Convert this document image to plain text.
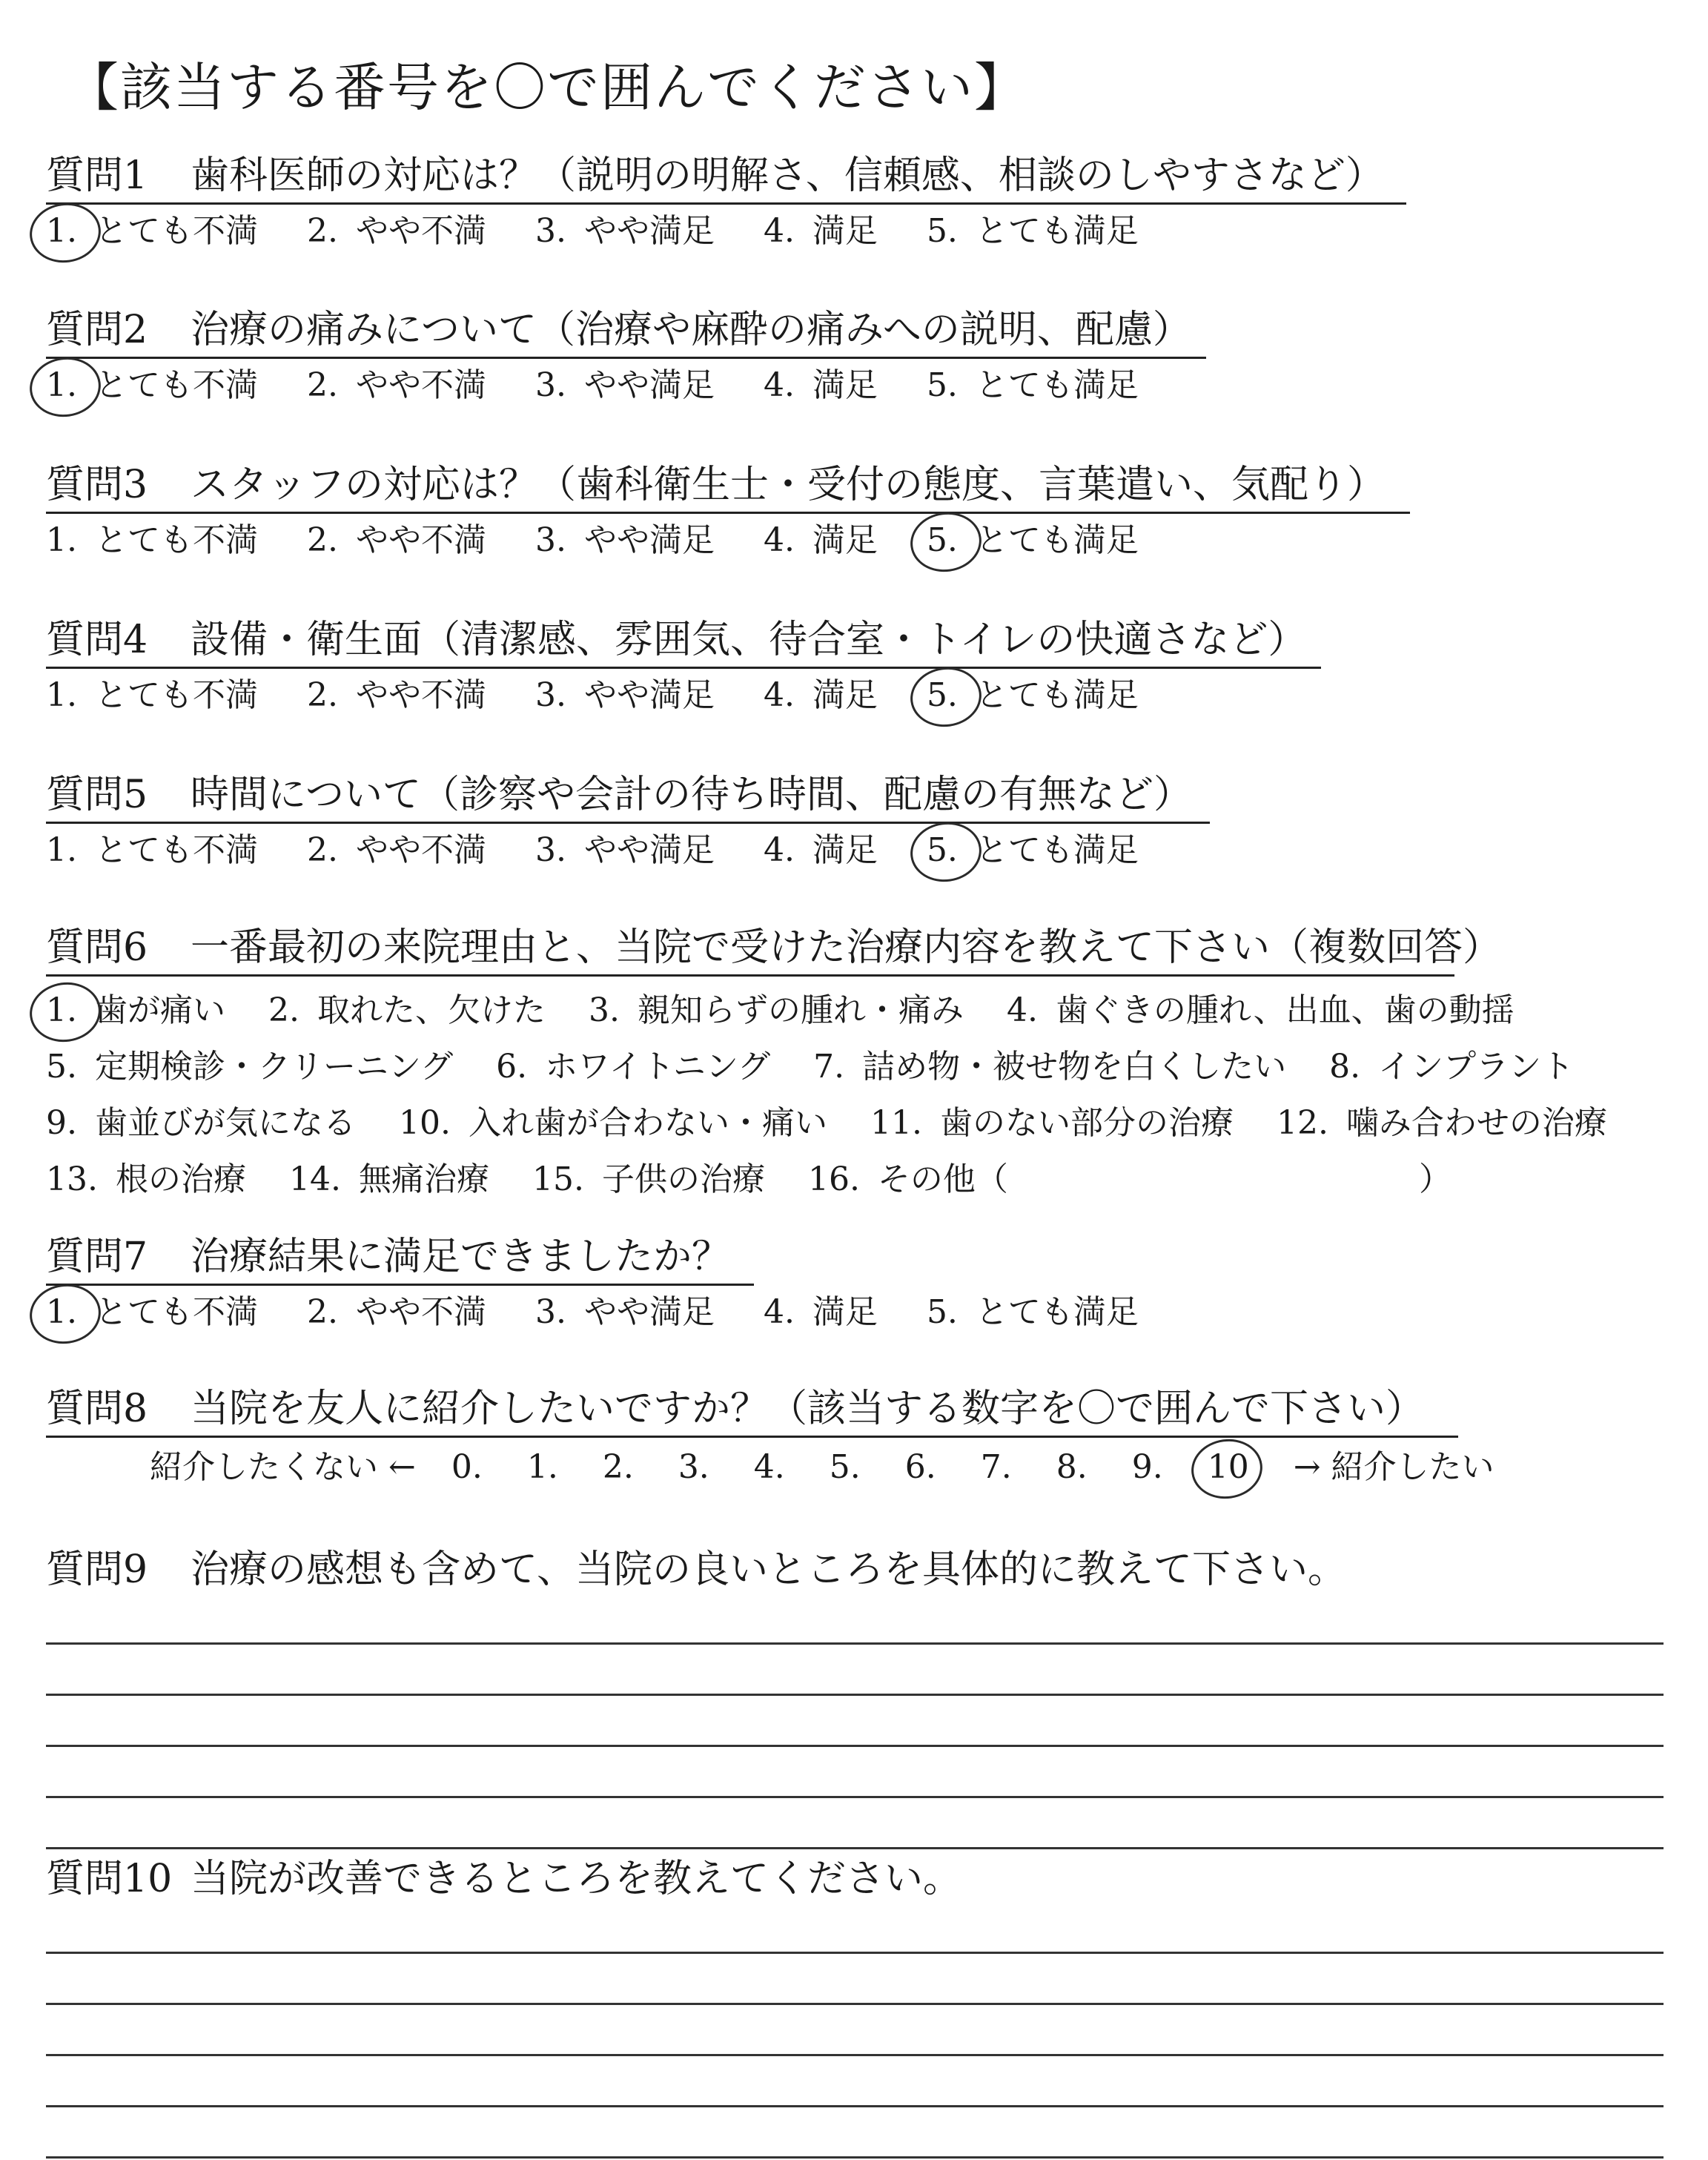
【該当する番号を〇で囲んでください】
質問1 歯科医師の対応は？（説明の明解さ、信頼感、相談のしやすさなど）
1. とても不満 2. やや不満 3. やや満足 4. 満足 5. とても満足
質問2 治療の痛みについて（治療や麻酔の痛みへの説明、配慮）
1. とても不満 2. やや不満 3. やや満足 4. 満足 5. とても満足
質問3 スタッフの対応は？（歯科衛生士・受付の態度、言葉遣い、気配り）
1. とても不満 2. やや不満 3. やや満足 4. 満足 5. とても満足
質問4 設備・衛生面（清潔感、雰囲気、待合室・トイレの快適さなど）
1. とても不満 2. やや不満 3. やや満足 4. 満足 5. とても満足
質問5 時間について（診察や会計の待ち時間、配慮の有無など）
1. とても不満 2. やや不満 3. やや満足 4. 満足 5. とても満足
質問6 一番最初の来院理由と、当院で受けた治療内容を教えて下さい（複数回答）
1. 歯が痛い 2. 取れた、欠けた 3. 親知らずの腫れ・痛み 4. 歯ぐきの腫れ、出血、歯の動揺
5. 定期検診・クリーニング 6. ホワイトニング 7. 詰め物・被せ物を白くしたい 8. インプラント
9. 歯並びが気になる 10. 入れ歯が合わない・痛い 11. 歯のない部分の治療 12. 噛み合わせの治療
13. 根の治療 14. 無痛治療 15. 子供の治療 16. その他（	）
質問7 治療結果に満足できましたか？
1. とても不満 2. やや不満 3. やや満足 4. 満足 5. とても満足
質問8 当院を友人に紹介したいですか？（該当する数字を〇で囲んで下さい）
紹介したくない ← 0. 1. 2. 3. 4. 5. 6. 7. 8. 9. 10 → 紹介したい
質問9 治療の感想も含めて、当院の良いところを具体的に教えて下さい。
質問10 当院が改善できるところを教えてください。
